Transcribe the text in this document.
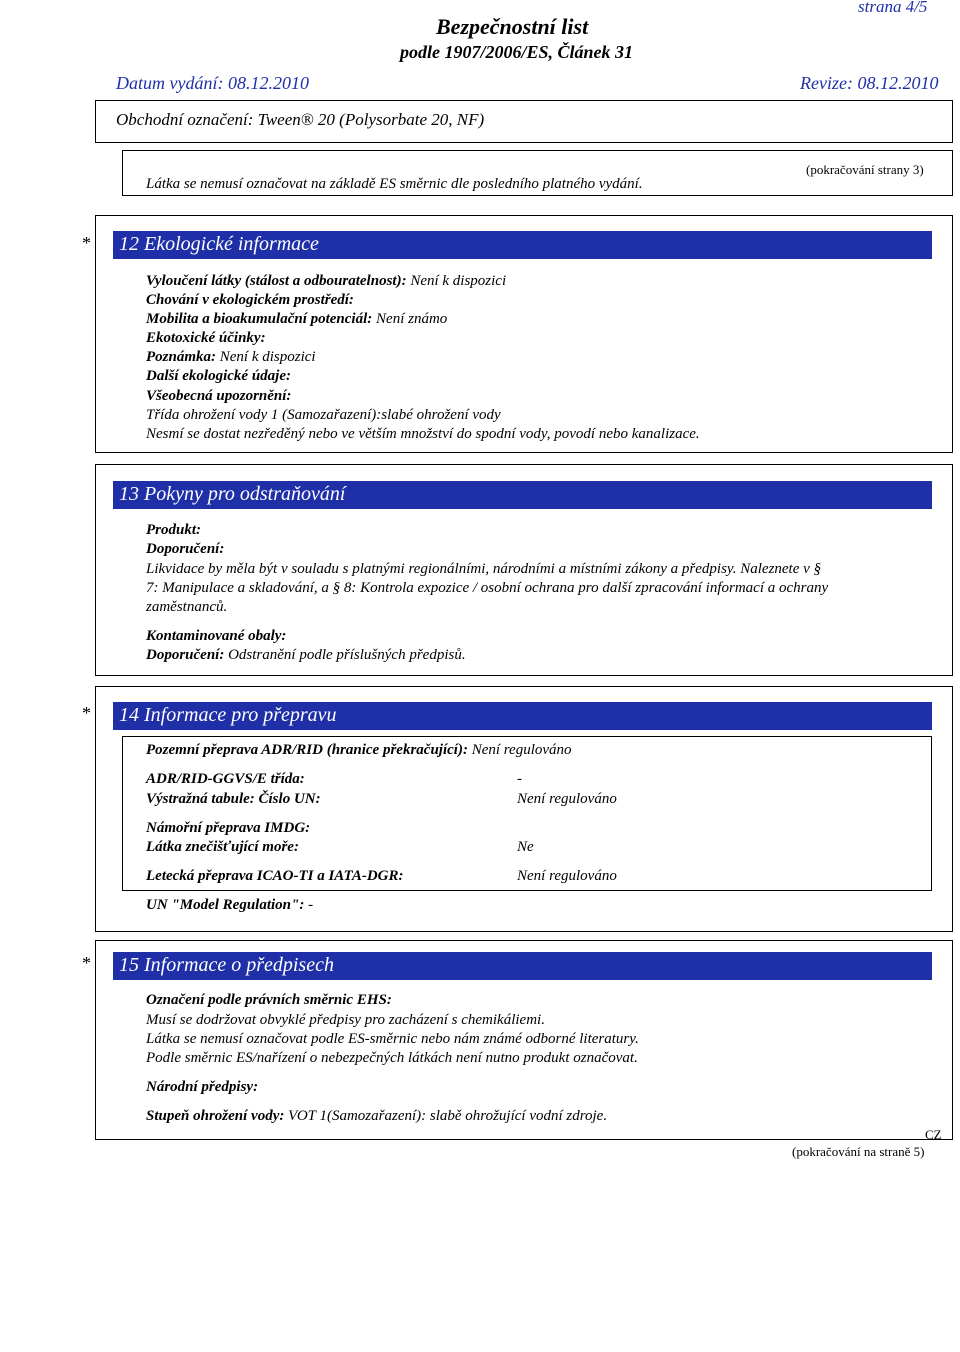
Bezpečnostní list
podle 1907/2006/ES, Článek 31
strana 4/5
Datum vydání: 08.12.2010	Revize: 08.12.2010
Obchodní označení: Tween® 20 (Polysorbate 20, NF)
(pokračování strany 3)
Látka se nemusí označovat na základě ES směrnic dle posledního platného vydání.
*	12 Ekologické informace
Vyloučení látky (stálost a odbouratelnost): Není k dispozici
Chování v ekologickém prostředí:
Mobilita a bioakumulační potenciál: Není známo
Ekotoxické účinky:
Poznámka: Není k dispozici
Další ekologické údaje:
Všeobecná upozornění:
Třída ohrožení vody 1 (Samozařazení):slabé ohrožení vody
Nesmí se dostat nezředěný nebo ve větším množství do spodní vody, povodí nebo kanalizace.
13 Pokyny pro odstraňování
Produkt:
Doporučení:
Likvidace by měla být v souladu s platnými regionálními, národními a místními zákony a předpisy. Naleznete v §
7: Manipulace a skladování, a § 8: Kontrola expozice / osobní ochrana pro další zpracování informací a ochrany
zaměstnanců.
Kontaminované obaly:
Doporučení: Odstranění podle příslušných předpisů.
*	14 Informace pro přepravu
Pozemní přeprava ADR/RID (hranice překračující): Není regulováno
ADR/RID-GGVS/E třída:	-
Výstražná tabule: Číslo UN:	Není regulováno
Námořní přeprava IMDG:
Látka znečišťující moře:	Ne
Letecká přeprava ICAO-TI a IATA-DGR:	Není regulováno
UN "Model Regulation": -
*	15 Informace o předpisech
Označení podle právních směrnic EHS:
Musí se dodržovat obvyklé předpisy pro zacházení s chemikáliemi.
Látka se nemusí označovat podle ES-směrnic nebo nám známé odborné literatury.
Podle směrnic ES/nařízení o nebezpečných látkách není nutno produkt označovat.
Národní předpisy:
Stupeň ohrožení vody: VOT 1(Samozařazení): slabě ohrožující vodní zdroje.
CZ
(pokračování na straně 5)
